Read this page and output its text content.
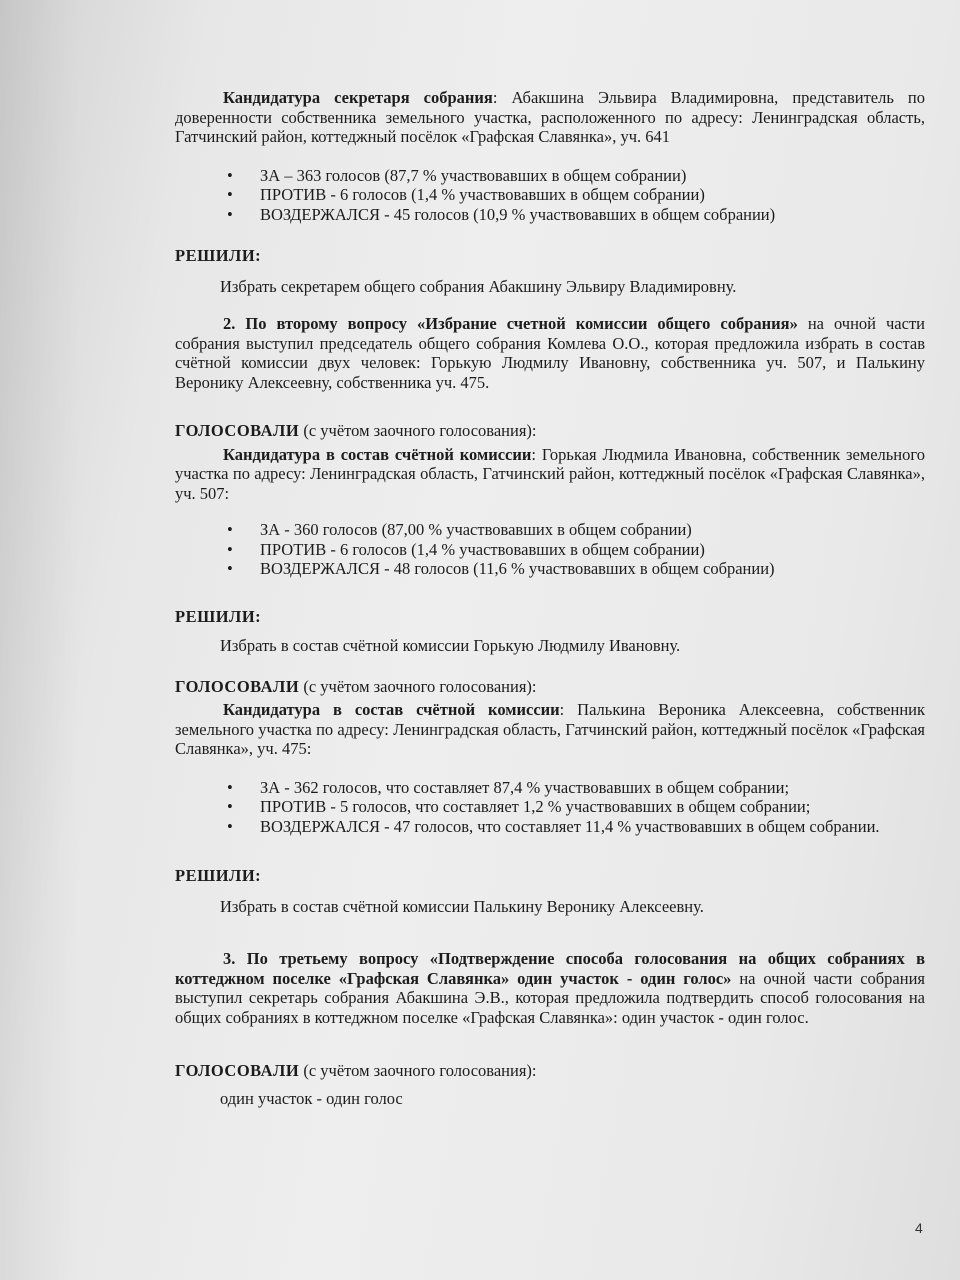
Кандидатура секретаря собрания: Абакшина Эльвира Владимировна, представитель по доверенности собственника земельного участка, расположенного по адресу: Ленинградская область, Гатчинский район, коттеджный посёлок «Графская Славянка», уч. 641

• ЗА – 363 голосов (87,7 % участвовавших в общем собрании)
• ПРОТИВ - 6 голосов (1,4 % участвовавших в общем собрании)
• ВОЗДЕРЖАЛСЯ - 45 голосов (10,9 % участвовавших в общем собрании)

РЕШИЛИ:

Избрать секретарем общего собрания Абакшину Эльвиру Владимировну.

2. По второму вопросу «Избрание счетной комиссии общего собрания» на очной части собрания выступил председатель общего собрания Комлева О.О., которая предложила избрать в состав счётной комиссии двух человек: Горькую Людмилу Ивановну, собственника уч. 507, и Палькину Веронику Алексеевну, собственника уч. 475.

ГОЛОСОВАЛИ (с учётом заочного голосования):

Кандидатура в состав счётной комиссии: Горькая Людмила Ивановна, собственник земельного участка по адресу: Ленинградская область, Гатчинский район, коттеджный посёлок «Графская Славянка», уч. 507:

• ЗА - 360 голосов (87,00 % участвовавших в общем собрании)
• ПРОТИВ - 6 голосов (1,4 % участвовавших в общем собрании)
• ВОЗДЕРЖАЛСЯ - 48 голосов (11,6 % участвовавших в общем собрании)

РЕШИЛИ:

Избрать в состав счётной комиссии Горькую Людмилу Ивановну.

ГОЛОСОВАЛИ (с учётом заочного голосования):

Кандидатура в состав счётной комиссии: Палькина Вероника Алексеевна, собственник земельного участка по адресу: Ленинградская область, Гатчинский район, коттеджный посёлок «Графская Славянка», уч. 475:

• ЗА - 362 голосов, что составляет 87,4 % участвовавших в общем собрании;
• ПРОТИВ - 5 голосов, что составляет 1,2 % участвовавших в общем собрании;
• ВОЗДЕРЖАЛСЯ - 47 голосов, что составляет 11,4 % участвовавших в общем собрании.

РЕШИЛИ:

Избрать в состав счётной комиссии Палькину Веронику Алексеевну.

3. По третьему вопросу «Подтверждение способа голосования на общих собраниях в коттеджном поселке «Графская Славянка» один участок - один голос» на очной части собрания выступил секретарь собрания Абакшина Э.В., которая предложила подтвердить способ голосования на общих собраниях в коттеджном поселке «Графская Славянка»: один участок - один голос.

ГОЛОСОВАЛИ (с учётом заочного голосования):

один участок - один голос

4
